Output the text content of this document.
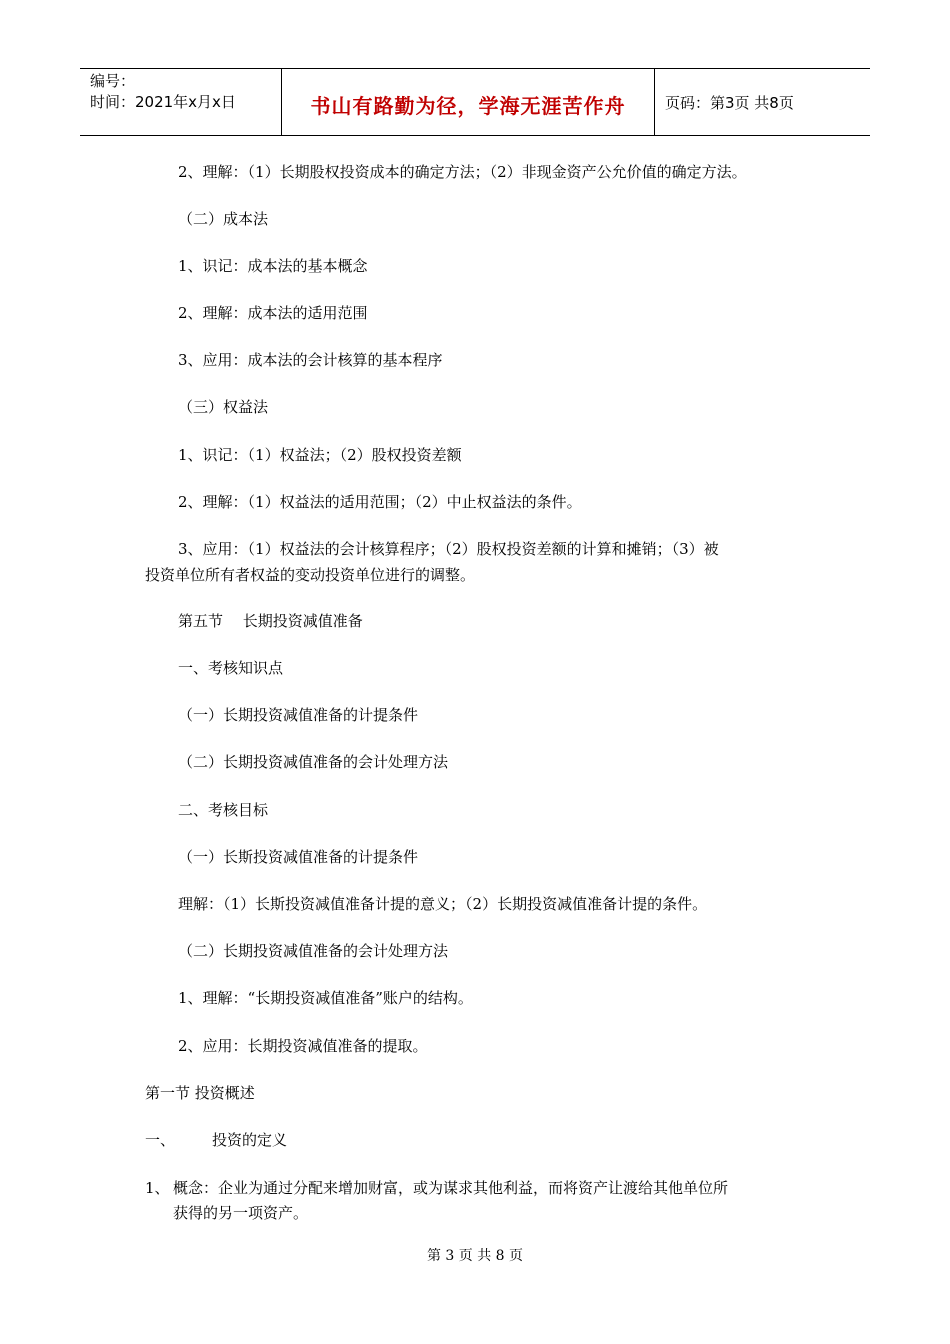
编号：
时间：2021年x月x日	书山有路勤为径，学海无涯苦作舟	页码：第3页 共8页
2、理解：（1）长期股权投资成本的确定方法；（2）非现金资产公允价值的确定方法。
（二）成本法
1、识记：成本法的基本概念
2、理解：成本法的适用范围
3、应用：成本法的会计核算的基本程序
（三）权益法
1、识记：（1）权益法；（2）股权投资差额
2、理解：（1）权益法的适用范围；（2）中止权益法的条件。
3、应用：（1）权益法的会计核算程序；（2）股权投资差额的计算和摊销；（3）被
投资单位所有者权益的变动投资单位进行的调整。
第五节　 长期投资减值准备
一、考核知识点
（一）长期投资减值准备的计提条件
（二）长期投资减值准备的会计处理方法
二、考核目标
（一）长斯投资减值准备的计提条件
理解：（1）长斯投资减值准备计提的意义；（2）长期投资减值准备计提的条件。
（二）长期投资减值准备的会计处理方法
1、理解：“长期投资减值准备”账户的结构。
2、应用：长期投资减值准备的提取。
第一节 投资概述
一、 投资的定义
1、 概念：企业为通过分配来增加财富，或为谋求其他利益，而将资产让渡给其他单位所
获得的另一项资产。
第 3 页 共 8 页
